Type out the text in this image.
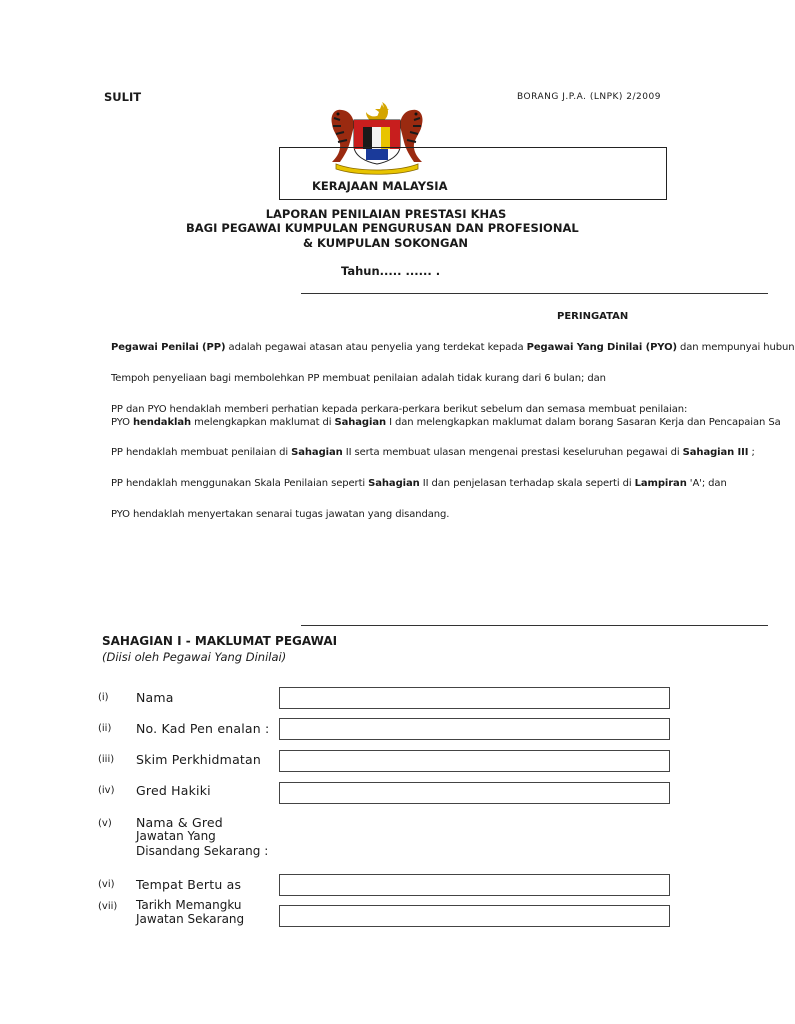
SULIT	BORANG J.P.A. (LNPK) 2/2009
KERAJAAN MALAYSIA
LAPORAN PENILAIAN PRESTASI KHAS
BAGI PEGAWAI KUMPULAN PENGURUSAN DAN PROFESIONAL
& KUMPULAN SOKONGAN
Tahun..... ...... .
PERINGATAN
Pegawai Penilai (PP) adalah pegawai atasan atau penyelia yang terdekat kepada Pegawai Yang Dinilai (PYO) dan mempunyai hubun
Tempoh penyeliaan bagi membolehkan PP membuat penilaian adalah tidak kurang dari 6 bulan; dan
PP dan PYO hendaklah memberi perhatian kepada perkara-perkara berikut sebelum dan semasa membuat penilaian:
PYO hendaklah melengkapkan maklumat di Sahagian I dan melengkapkan maklumat dalam borang Sasaran Kerja dan Pencapaian Sa
PP hendaklah membuat penilaian di Sahagian II serta membuat ulasan mengenai prestasi keseluruhan pegawai di Sahagian III ;
PP hendaklah menggunakan Skala Penilaian seperti Sahagian II dan penjelasan terhadap skala seperti di Lampiran 'A'; dan
PYO hendaklah menyertakan senarai tugas jawatan yang disandang.
SAHAGIAN I - MAKLUMAT PEGAWAI
(Diisi oleh Pegawai Yang Dinilai)
(i) Nama
(ii) No. Kad Pen enalan :
(iii) Skim Perkhidmatan
(iv) Gred Hakiki
(v) Nama & Gred
Jawatan Yang
Disandang Sekarang :
(vi) Tempat Bertu as
(vii) Tarikh Memangku
Jawatan Sekarang
